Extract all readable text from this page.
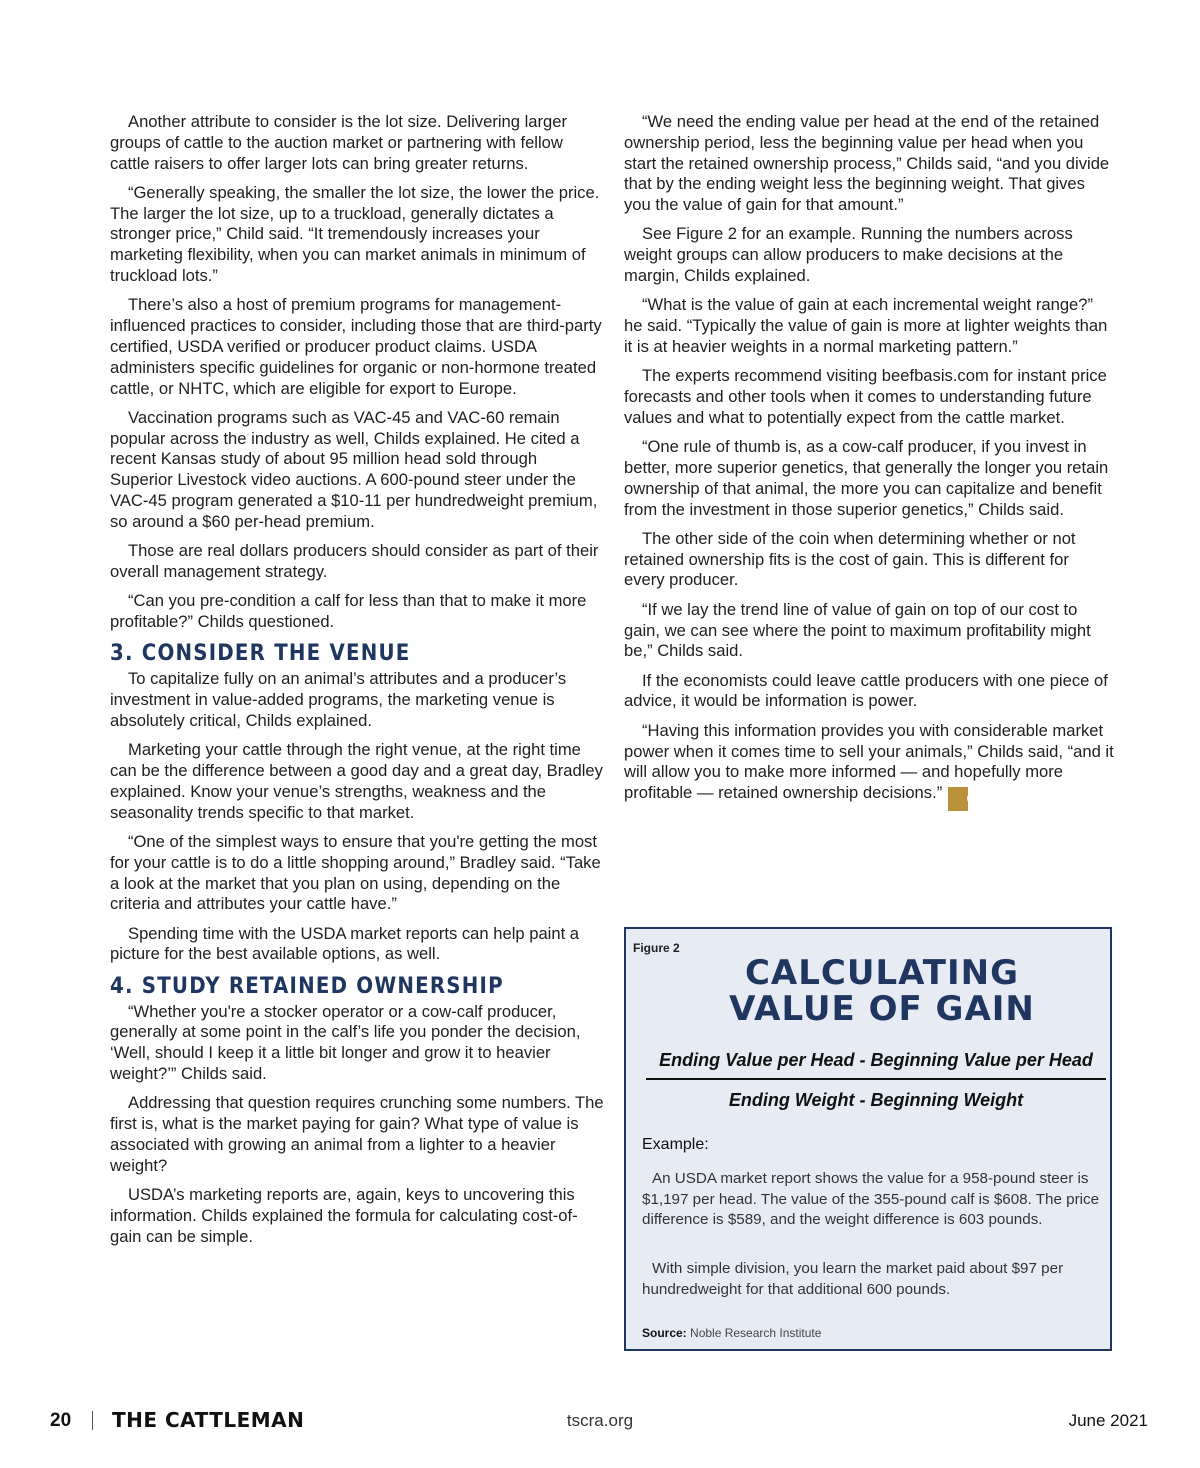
Another attribute to consider is the lot size. Delivering larger groups of cattle to the auction market or partnering with fellow cattle raisers to offer larger lots can bring greater returns.

“Generally speaking, the smaller the lot size, the lower the price. The larger the lot size, up to a truckload, generally dictates a stronger price,” Child said. “It tremendously increases your marketing flexibility, when you can market animals in minimum of truckload lots.”

There’s also a host of premium programs for management-influenced practices to consider, including those that are third-party certified, USDA verified or producer product claims. USDA administers specific guidelines for organic or non-hormone treated cattle, or NHTC, which are eligible for export to Europe.

Vaccination programs such as VAC-45 and VAC-60 remain popular across the industry as well, Childs explained. He cited a recent Kansas study of about 95 million head sold through Superior Livestock video auctions. A 600-pound steer under the VAC-45 program generated a $10-11 per hundredweight premium, so around a $60 per-head premium.

Those are real dollars producers should consider as part of their overall management strategy.

“Can you pre-condition a calf for less than that to make it more profitable?” Childs questioned.

3. CONSIDER THE VENUE

To capitalize fully on an animal’s attributes and a producer’s investment in value-added programs, the marketing venue is absolutely critical, Childs explained.

Marketing your cattle through the right venue, at the right time can be the difference between a good day and a great day, Bradley explained. Know your venue’s strengths, weakness and the seasonality trends specific to that market.

“One of the simplest ways to ensure that you're getting the most for your cattle is to do a little shopping around,” Bradley said. “Take a look at the market that you plan on using, depending on the criteria and attributes your cattle have.”

Spending time with the USDA market reports can help paint a picture for the best available options, as well.

4. STUDY RETAINED OWNERSHIP

“Whether you're a stocker operator or a cow-calf producer, generally at some point in the calf’s life you ponder the decision, ‘Well, should I keep it a little bit longer and grow it to heavier weight?’” Childs said.

Addressing that question requires crunching some numbers. The first is, what is the market paying for gain? What type of value is associated with growing an animal from a lighter to a heavier weight?

USDA’s marketing reports are, again, keys to uncovering this information. Childs explained the formula for calculating cost-of-gain can be simple.

“We need the ending value per head at the end of the retained ownership period, less the beginning value per head when you start the retained ownership process,” Childs said, “and you divide that by the ending weight less the beginning weight. That gives you the value of gain for that amount.”

See Figure 2 for an example. Running the numbers across weight groups can allow producers to make decisions at the margin, Childs explained.

“What is the value of gain at each incremental weight range?” he said. “Typically the value of gain is more at lighter weights than it is at heavier weights in a normal marketing pattern.”

The experts recommend visiting beefbasis.com for instant price forecasts and other tools when it comes to understanding future values and what to potentially expect from the cattle market.

“One rule of thumb is, as a cow-calf producer, if you invest in better, more superior genetics, that generally the longer you retain ownership of that animal, the more you can capitalize and benefit from the investment in those superior genetics,” Childs said.

The other side of the coin when determining whether or not retained ownership fits is the cost of gain. This is different for every producer.

“If we lay the trend line of value of gain on top of our cost to gain, we can see where the point to maximum profitability might be,” Childs said.

If the economists could leave cattle producers with one piece of advice, it would be information is power.

“Having this information provides you with considerable market power when it comes time to sell your animals,” Childs said, “and it will allow you to make more informed — and hopefully more profitable — retained ownership decisions.” C

Figure 2
CALCULATING
VALUE OF GAIN
Ending Value per Head - Beginning Value per Head
Ending Weight - Beginning Weight
Example:

An USDA market report shows the value for a 958-pound steer is $1,197 per head. The value of the 355-pound calf is $608. The price difference is $589, and the weight difference is 603 pounds.

With simple division, you learn the market paid about $97 per hundredweight for that additional 600 pounds.

Source: Noble Research Institute
20 THE CATTLEMAN	tscra.org	June 2021
